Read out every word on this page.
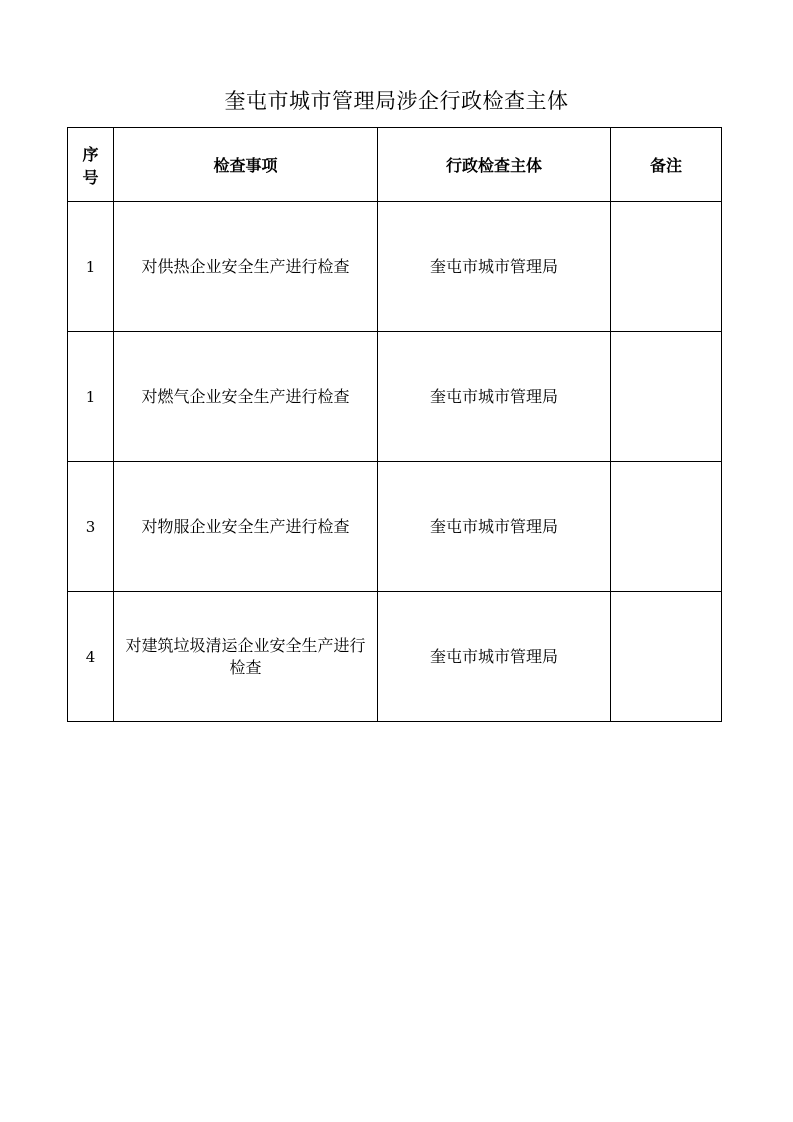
奎屯市城市管理局涉企行政检查主体
序号	检查事项	行政检查主体	备注
1	对供热企业安全生产进行检查	奎屯市城市管理局	
1	对燃气企业安全生产进行检查	奎屯市城市管理局	
3	对物服企业安全生产进行检查	奎屯市城市管理局	
4	对建筑垃圾清运企业安全生产进行检查	奎屯市城市管理局	
